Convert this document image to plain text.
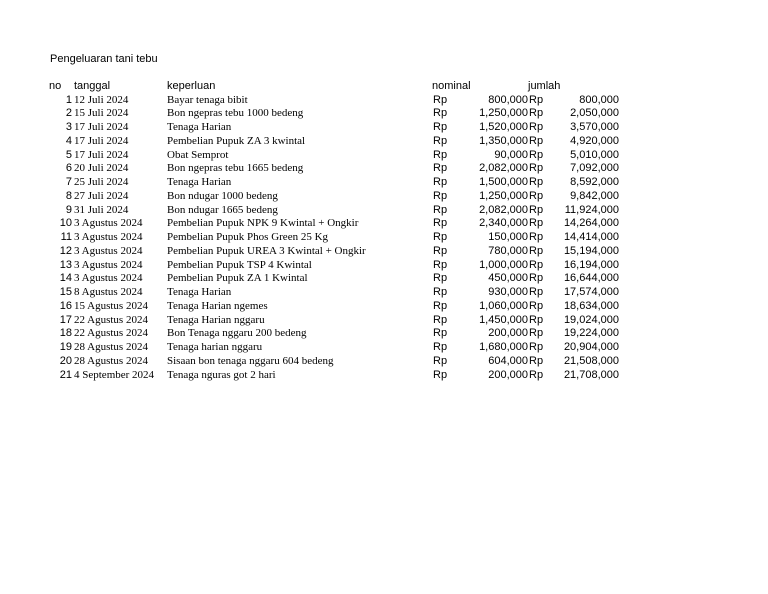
Pengeluaran tani tebu
no	tanggal	keperluan	nominal		jumlah	
1	12 Juli 2024	Bayar tenaga bibit	Rp	800,000	Rp	800,000
2	15 Juli 2024	Bon ngepras tebu 1000 bedeng	Rp	1,250,000	Rp	2,050,000
3	17 Juli 2024	Tenaga Harian	Rp	1,520,000	Rp	3,570,000
4	17 Juli 2024	Pembelian Pupuk ZA 3 kwintal	Rp	1,350,000	Rp	4,920,000
5	17 Juli 2024	Obat Semprot	Rp	90,000	Rp	5,010,000
6	20 Juli 2024	Bon ngepras tebu 1665 bedeng	Rp	2,082,000	Rp	7,092,000
7	25 Juli 2024	Tenaga Harian	Rp	1,500,000	Rp	8,592,000
8	27 Juli 2024	Bon ndugar 1000 bedeng	Rp	1,250,000	Rp	9,842,000
9	31 Juli 2024	Bon ndugar 1665 bedeng	Rp	2,082,000	Rp	11,924,000
10	3 Agustus 2024	Pembelian Pupuk NPK 9 Kwintal + Ongkir	Rp	2,340,000	Rp	14,264,000
11	3 Agustus 2024	Pembelian Pupuk Phos Green 25 Kg	Rp	150,000	Rp	14,414,000
12	3 Agustus 2024	Pembelian Pupuk UREA 3 Kwintal + Ongkir	Rp	780,000	Rp	15,194,000
13	3 Agustus 2024	Pembelian Pupuk TSP 4 Kwintal	Rp	1,000,000	Rp	16,194,000
14	3 Agustus 2024	Pembelian Pupuk ZA 1 Kwintal	Rp	450,000	Rp	16,644,000
15	8 Agustus 2024	Tenaga Harian	Rp	930,000	Rp	17,574,000
16	15 Agustus 2024	Tenaga Harian ngemes	Rp	1,060,000	Rp	18,634,000
17	22 Agustus 2024	Tenaga Harian nggaru	Rp	1,450,000	Rp	19,024,000
18	22 Agustus 2024	Bon Tenaga nggaru 200 bedeng	Rp	200,000	Rp	19,224,000
19	28 Agustus 2024	Tenaga harian nggaru	Rp	1,680,000	Rp	20,904,000
20	28 Agustus 2024	Sisaan bon tenaga nggaru 604 bedeng	Rp	604,000	Rp	21,508,000
21	4 September 2024	Tenaga nguras got 2 hari	Rp	200,000	Rp	21,708,000
